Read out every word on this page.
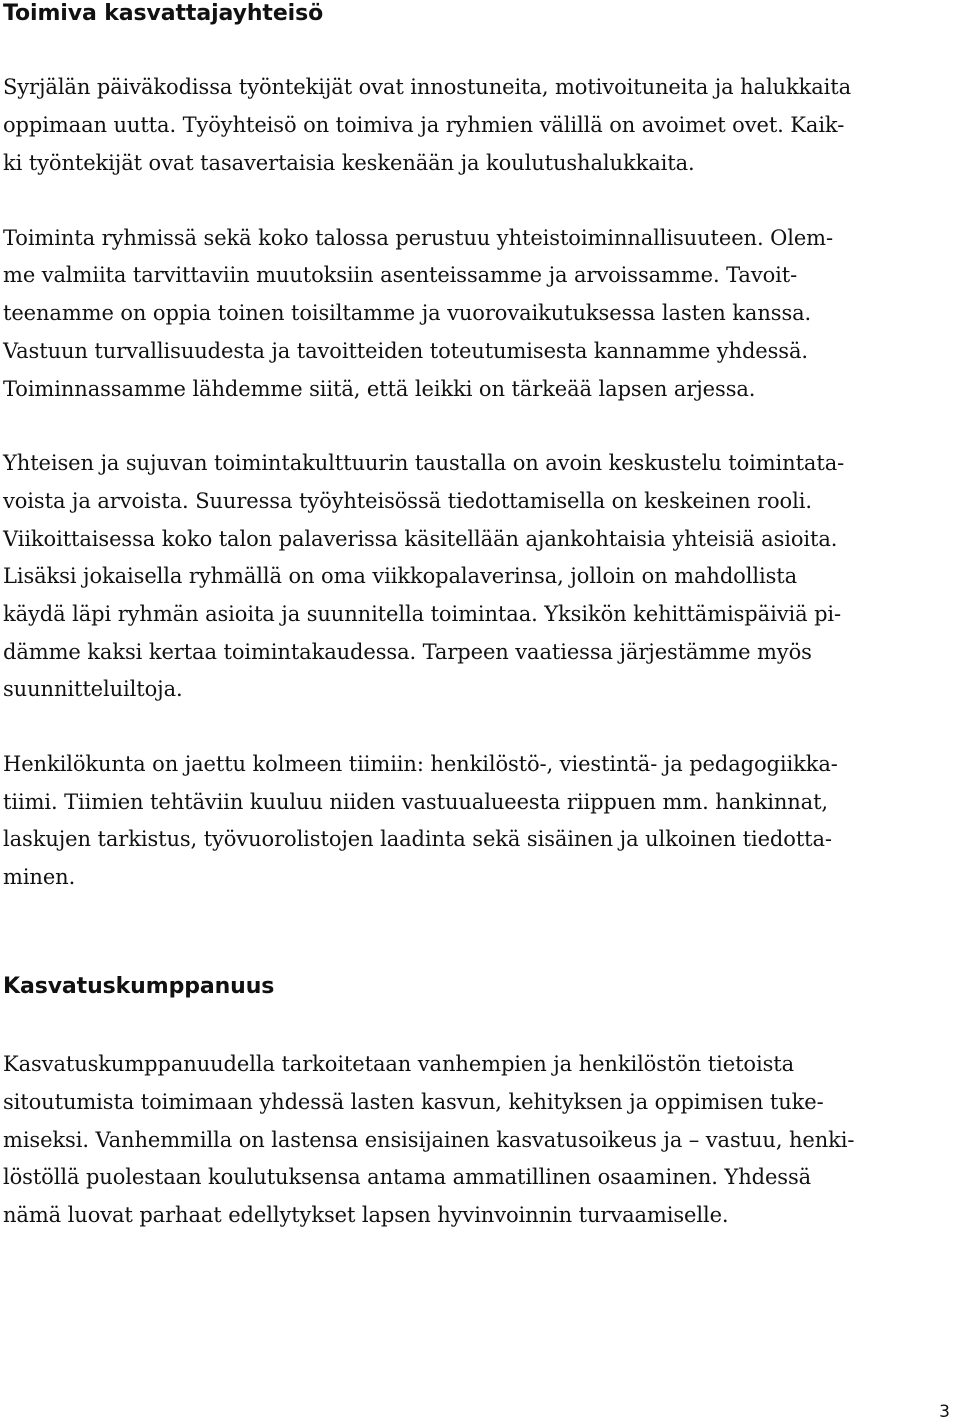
Toimiva kasvattajayhteisö
Syrjälän päiväkodissa työntekijät ovat innostuneita, motivoituneita ja halukkaita
oppimaan uutta. Työyhteisö on toimiva ja ryhmien välillä on avoimet ovet. Kaik-
ki työntekijät ovat tasavertaisia keskenään ja koulutushalukkaita.
Toiminta ryhmissä sekä koko talossa perustuu yhteistoiminnallisuuteen. Olem-
me valmiita tarvittaviin muutoksiin asenteissamme ja arvoissamme. Tavoit-
teenamme on oppia toinen toisiltamme ja vuorovaikutuksessa lasten kanssa.
Vastuun turvallisuudesta ja tavoitteiden toteutumisesta kannamme yhdessä.
Toiminnassamme lähdemme siitä, että leikki on tärkeää lapsen arjessa.
Yhteisen ja sujuvan toimintakulttuurin taustalla on avoin keskustelu toimintata-
voista ja arvoista. Suuressa työyhteisössä tiedottamisella on keskeinen rooli.
Viikoittaisessa koko talon palaverissa käsitellään ajankohtaisia yhteisiä asioita.
Lisäksi jokaisella ryhmällä on oma viikkopalaverinsa, jolloin on mahdollista
käydä läpi ryhmän asioita ja suunnitella toimintaa. Yksikön kehittämispäiviä pi-
dämme kaksi kertaa toimintakaudessa. Tarpeen vaatiessa järjestämme myös
suunnitteluiltoja.
Henkilökunta on jaettu kolmeen tiimiin: henkilöstö-, viestintä- ja pedagogiikka-
tiimi. Tiimien tehtäviin kuuluu niiden vastuualueesta riippuen mm. hankinnat,
laskujen tarkistus, työvuorolistojen laadinta sekä sisäinen ja ulkoinen tiedotta-
minen.
Kasvatuskumppanuus
Kasvatuskumppanuudella tarkoitetaan vanhempien ja henkilöstön tietoista
sitoutumista toimimaan yhdessä lasten kasvun, kehityksen ja oppimisen tuke-
miseksi. Vanhemmilla on lastensa ensisijainen kasvatusoikeus ja – vastuu, henki-
löstöllä puolestaan koulutuksensa antama ammatillinen osaaminen. Yhdessä
nämä luovat parhaat edellytykset lapsen hyvinvoinnin turvaamiselle.
3
